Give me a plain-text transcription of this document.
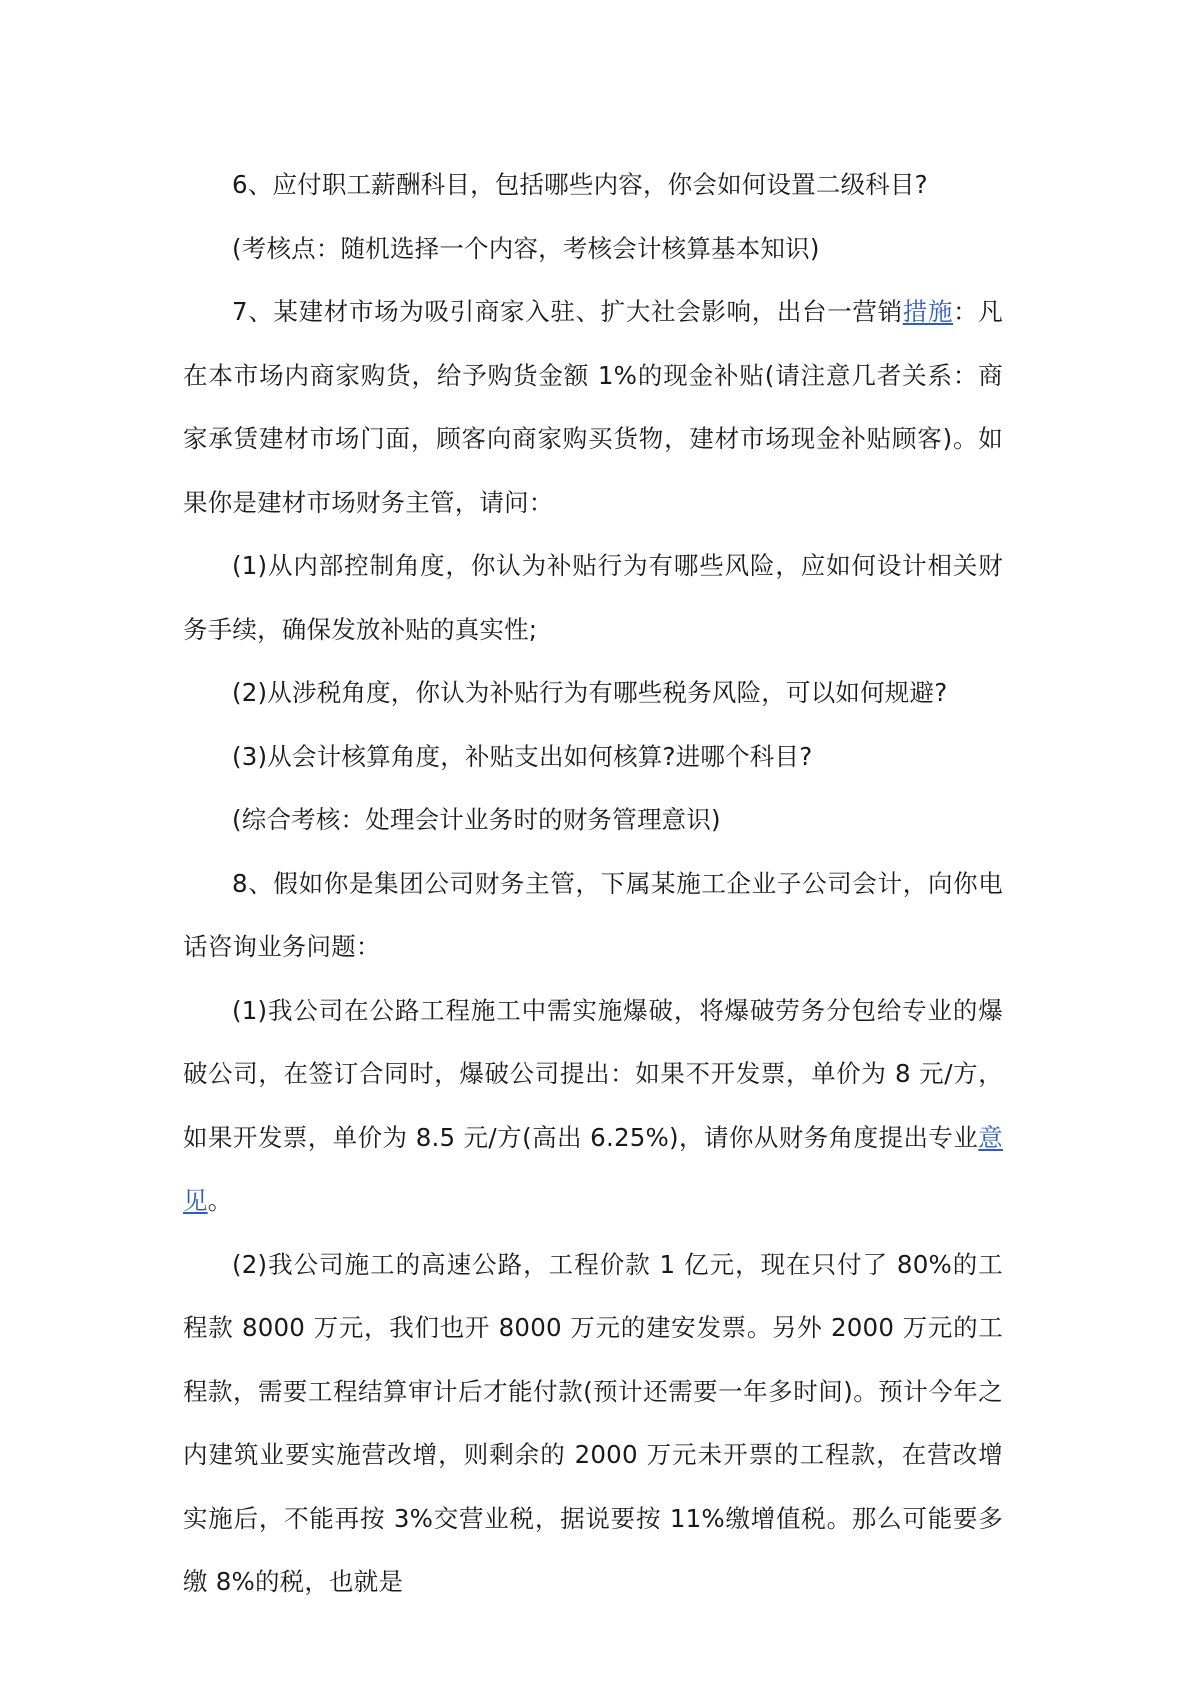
6、应付职工薪酬科目，包括哪些内容，你会如何设置二级科目?

(考核点：随机选择一个内容，考核会计核算基本知识)

7、某建材市场为吸引商家入驻、扩大社会影响，出台一营销措施：凡在本市场内商家购货，给予购货金额 1%的现金补贴(请注意几者关系：商家承赁建材市场门面，顾客向商家购买货物，建材市场现金补贴顾客)。如果你是建材市场财务主管，请问：

(1)从内部控制角度，你认为补贴行为有哪些风险，应如何设计相关财务手续，确保发放补贴的真实性;

(2)从涉税角度，你认为补贴行为有哪些税务风险，可以如何规避?

(3)从会计核算角度，补贴支出如何核算?进哪个科目?

(综合考核：处理会计业务时的财务管理意识)

8、假如你是集团公司财务主管，下属某施工企业子公司会计，向你电话咨询业务问题：

(1)我公司在公路工程施工中需实施爆破，将爆破劳务分包给专业的爆破公司，在签订合同时，爆破公司提出：如果不开发票，单价为 8 元/方，如果开发票，单价为 8.5 元/方(高出 6.25%)，请你从财务角度提出专业意见。

(2)我公司施工的高速公路，工程价款 1 亿元，现在只付了 80%的工程款 8000 万元，我们也开 8000 万元的建安发票。另外 2000 万元的工程款，需要工程结算审计后才能付款(预计还需要一年多时间)。预计今年之内建筑业要实施营改增，则剩余的 2000 万元未开票的工程款，在营改增实施后，不能再按 3%交营业税，据说要按 11%缴增值税。那么可能要多缴 8%的税，也就是
